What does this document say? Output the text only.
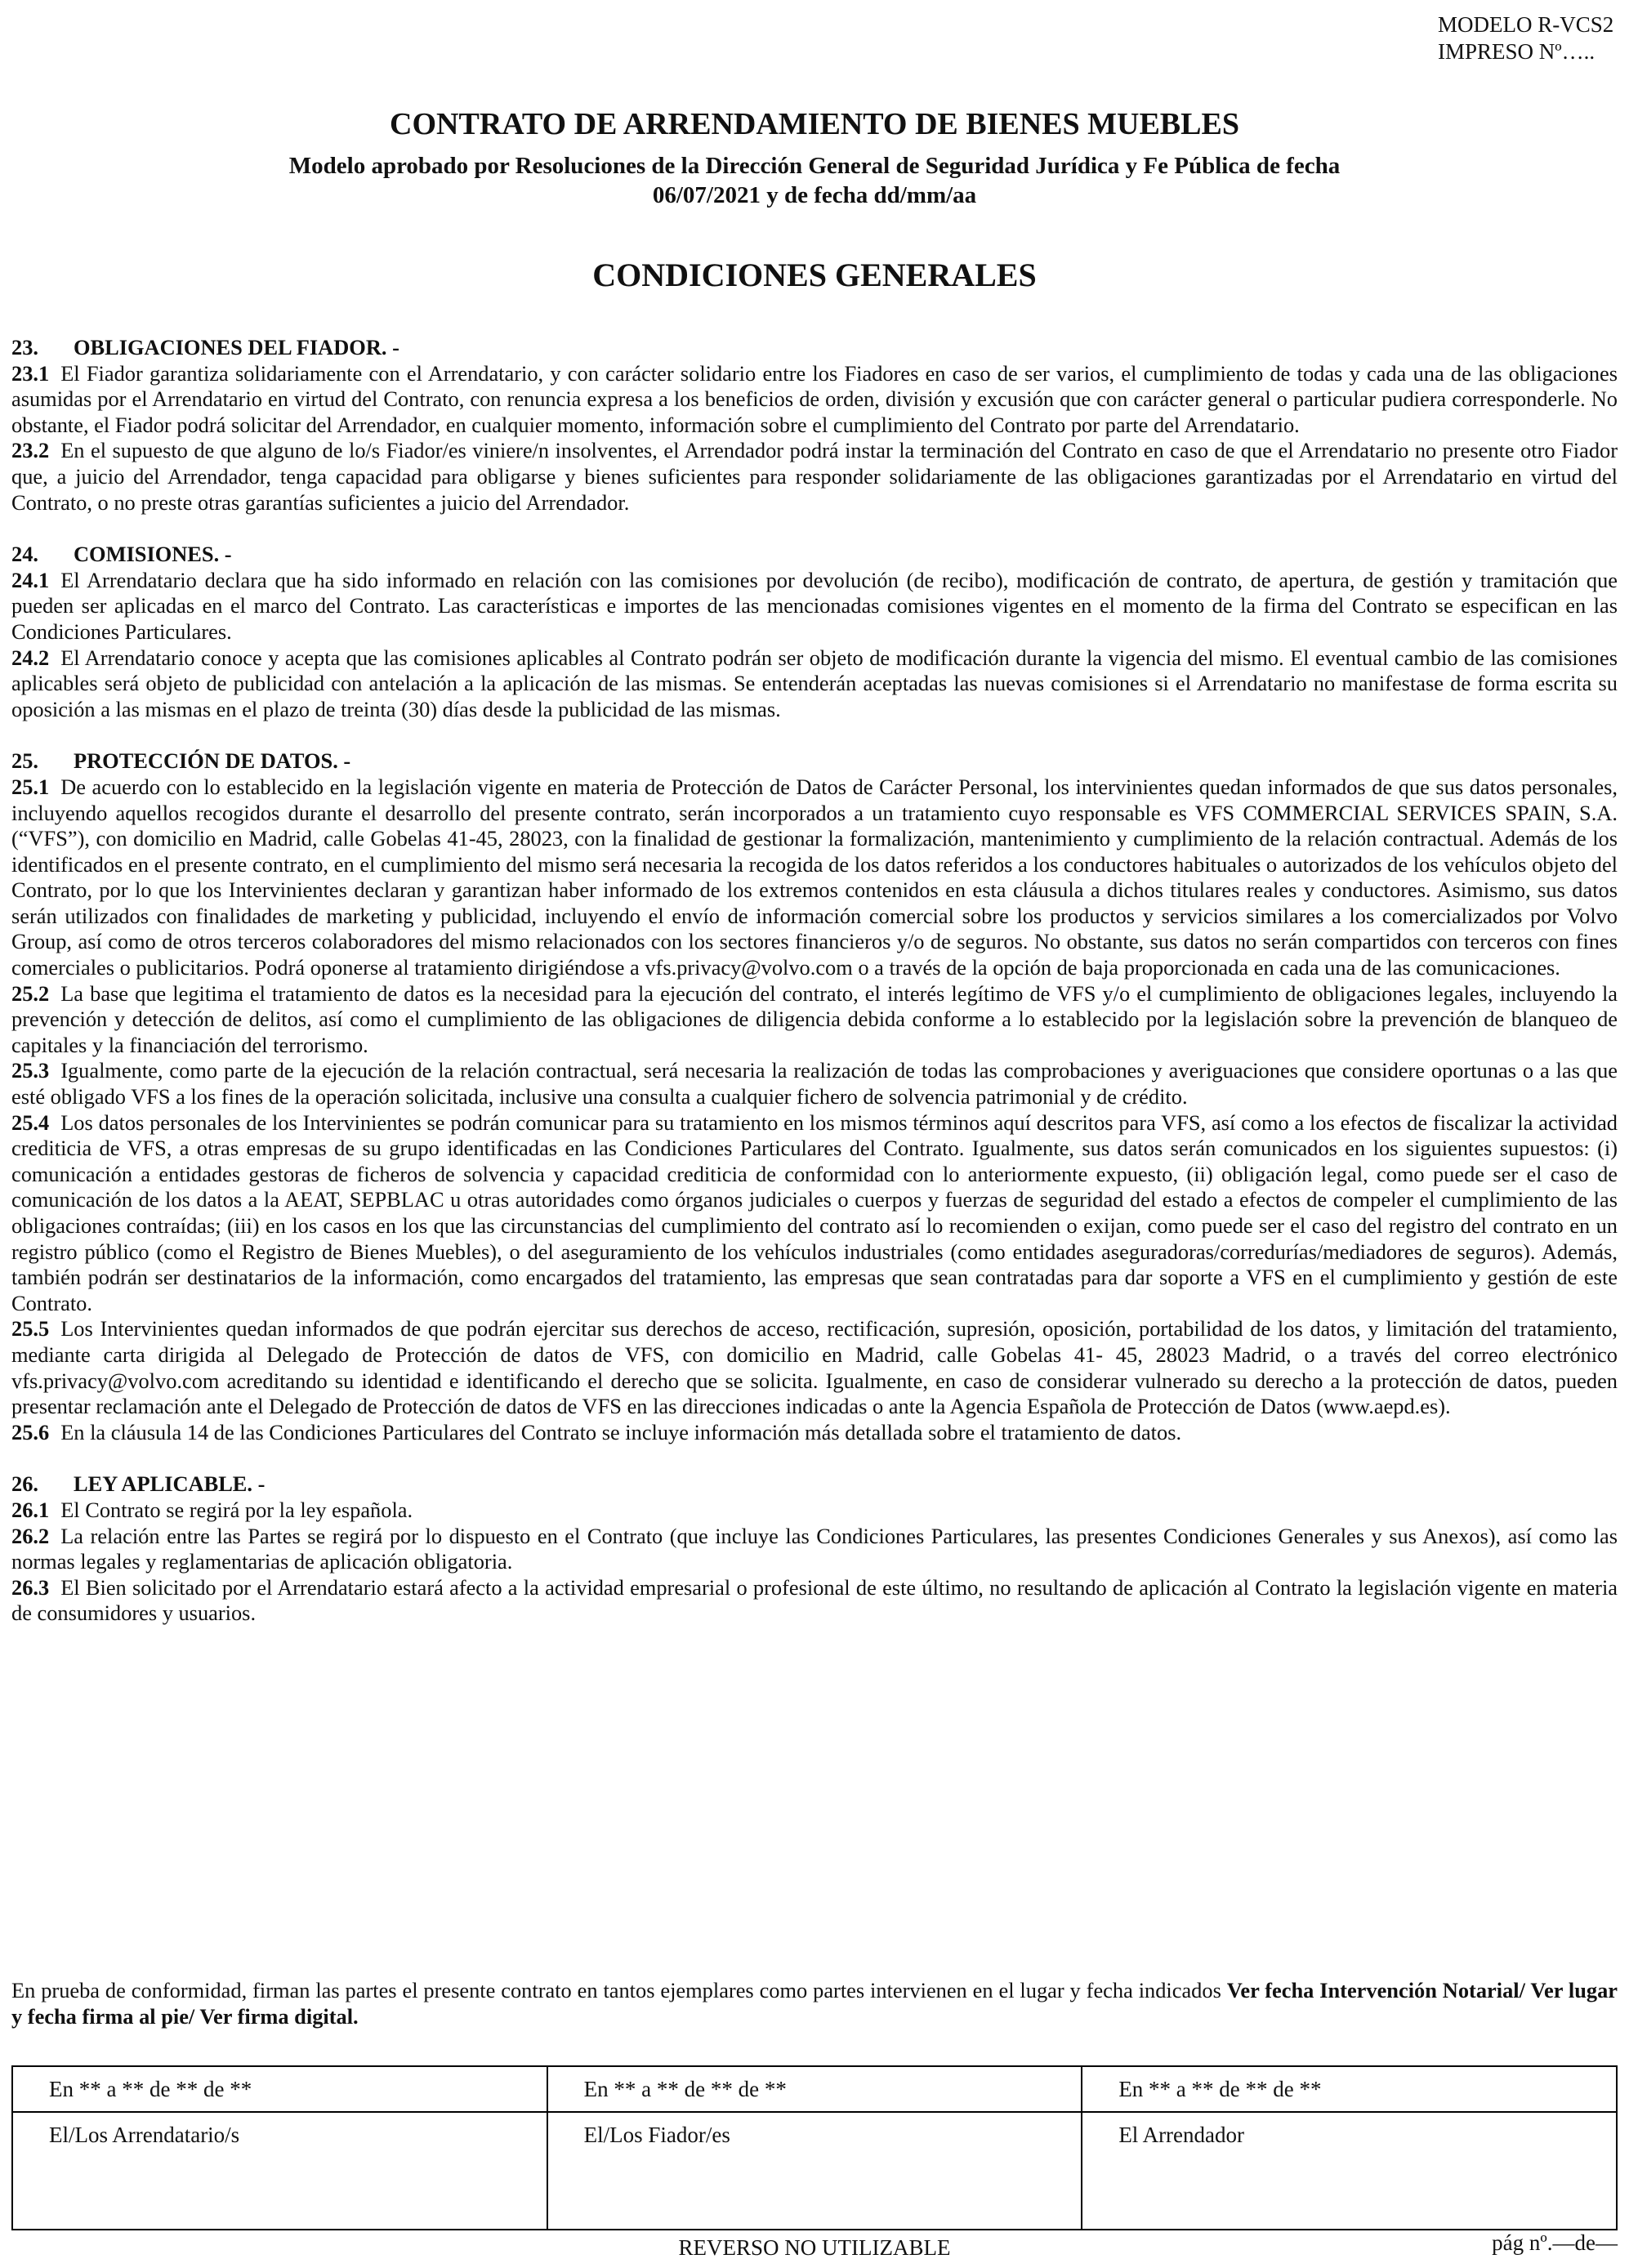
MODELO R-VCS2
IMPRESO Nº…..
CONTRATO DE ARRENDAMIENTO DE BIENES MUEBLES
Modelo aprobado por Resoluciones de la Dirección General de Seguridad Jurídica y Fe Pública de fecha
06/07/2021 y de fecha dd/mm/aa
CONDICIONES GENERALES

23. OBLIGACIONES DEL FIADOR. -

23.1 El Fiador garantiza solidariamente con el Arrendatario, y con carácter solidario entre los Fiadores en caso de ser varios, el cumplimiento de todas y cada una de las obligaciones asumidas por el Arrendatario en virtud del Contrato, con renuncia expresa a los beneficios de orden, división y excusión que con carácter general o particular pudiera corresponderle. No obstante, el Fiador podrá solicitar del Arrendador, en cualquier momento, información sobre el cumplimiento del Contrato por parte del Arrendatario.

23.2 En el supuesto de que alguno de lo/s Fiador/es viniere/n insolventes, el Arrendador podrá instar la terminación del Contrato en caso de que el Arrendatario no presente otro Fiador que, a juicio del Arrendador, tenga capacidad para obligarse y bienes suficientes para responder solidariamente de las obligaciones garantizadas por el Arrendatario en virtud del Contrato, o no preste otras garantías suficientes a juicio del Arrendador.

24. COMISIONES. -

24.1 El Arrendatario declara que ha sido informado en relación con las comisiones por devolución (de recibo), modificación de contrato, de apertura, de gestión y tramitación que pueden ser aplicadas en el marco del Contrato. Las características e importes de las mencionadas comisiones vigentes en el momento de la firma del Contrato se especifican en las Condiciones Particulares.

24.2 El Arrendatario conoce y acepta que las comisiones aplicables al Contrato podrán ser objeto de modificación durante la vigencia del mismo. El eventual cambio de las comisiones aplicables será objeto de publicidad con antelación a la aplicación de las mismas. Se entenderán aceptadas las nuevas comisiones si el Arrendatario no manifestase de forma escrita su oposición a las mismas en el plazo de treinta (30) días desde la publicidad de las mismas.

25. PROTECCIÓN DE DATOS. -

25.1 De acuerdo con lo establecido en la legislación vigente en materia de Protección de Datos de Carácter Personal, los intervinientes quedan informados de que sus datos personales, incluyendo aquellos recogidos durante el desarrollo del presente contrato, serán incorporados a un tratamiento cuyo responsable es VFS COMMERCIAL SERVICES SPAIN, S.A. (“VFS”), con domicilio en Madrid, calle Gobelas 41-45, 28023, con la finalidad de gestionar la formalización, mantenimiento y cumplimiento de la relación contractual. Además de los identificados en el presente contrato, en el cumplimiento del mismo será necesaria la recogida de los datos referidos a los conductores habituales o autorizados de los vehículos objeto del Contrato, por lo que los Intervinientes declaran y garantizan haber informado de los extremos contenidos en esta cláusula a dichos titulares reales y conductores. Asimismo, sus datos serán utilizados con finalidades de marketing y publicidad, incluyendo el envío de información comercial sobre los productos y servicios similares a los comercializados por Volvo Group, así como de otros terceros colaboradores del mismo relacionados con los sectores financieros y/o de seguros. No obstante, sus datos no serán compartidos con terceros con fines comerciales o publicitarios. Podrá oponerse al tratamiento dirigiéndose a vfs.privacy@volvo.com o a través de la opción de baja proporcionada en cada una de las comunicaciones.

25.2 La base que legitima el tratamiento de datos es la necesidad para la ejecución del contrato, el interés legítimo de VFS y/o el cumplimiento de obligaciones legales, incluyendo la prevención y detección de delitos, así como el cumplimiento de las obligaciones de diligencia debida conforme a lo establecido por la legislación sobre la prevención de blanqueo de capitales y la financiación del terrorismo.

25.3 Igualmente, como parte de la ejecución de la relación contractual, será necesaria la realización de todas las comprobaciones y averiguaciones que considere oportunas o a las que esté obligado VFS a los fines de la operación solicitada, inclusive una consulta a cualquier fichero de solvencia patrimonial y de crédito.

25.4 Los datos personales de los Intervinientes se podrán comunicar para su tratamiento en los mismos términos aquí descritos para VFS, así como a los efectos de fiscalizar la actividad crediticia de VFS, a otras empresas de su grupo identificadas en las Condiciones Particulares del Contrato. Igualmente, sus datos serán comunicados en los siguientes supuestos: (i) comunicación a entidades gestoras de ficheros de solvencia y capacidad crediticia de conformidad con lo anteriormente expuesto, (ii) obligación legal, como puede ser el caso de comunicación de los datos a la AEAT, SEPBLAC u otras autoridades como órganos judiciales o cuerpos y fuerzas de seguridad del estado a efectos de compeler el cumplimiento de las obligaciones contraídas; (iii) en los casos en los que las circunstancias del cumplimiento del contrato así lo recomienden o exijan, como puede ser el caso del registro del contrato en un registro público (como el Registro de Bienes Muebles), o del aseguramiento de los vehículos industriales (como entidades aseguradoras/corredurías/mediadores de seguros). Además, también podrán ser destinatarios de la información, como encargados del tratamiento, las empresas que sean contratadas para dar soporte a VFS en el cumplimiento y gestión de este Contrato.

25.5 Los Intervinientes quedan informados de que podrán ejercitar sus derechos de acceso, rectificación, supresión, oposición, portabilidad de los datos, y limitación del tratamiento, mediante carta dirigida al Delegado de Protección de datos de VFS, con domicilio en Madrid, calle Gobelas 41- 45, 28023 Madrid, o a través del correo electrónico vfs.privacy@volvo.com acreditando su identidad e identificando el derecho que se solicita. Igualmente, en caso de considerar vulnerado su derecho a la protección de datos, pueden presentar reclamación ante el Delegado de Protección de datos de VFS en las direcciones indicadas o ante la Agencia Española de Protección de Datos (www.aepd.es).

25.6 En la cláusula 14 de las Condiciones Particulares del Contrato se incluye información más detallada sobre el tratamiento de datos.

26. LEY APLICABLE. -

26.1 El Contrato se regirá por la ley española.

26.2 La relación entre las Partes se regirá por lo dispuesto en el Contrato (que incluye las Condiciones Particulares, las presentes Condiciones Generales y sus Anexos), así como las normas legales y reglamentarias de aplicación obligatoria.

26.3 El Bien solicitado por el Arrendatario estará afecto a la actividad empresarial o profesional de este último, no resultando de aplicación al Contrato la legislación vigente en materia de consumidores y usuarios.

En prueba de conformidad, firman las partes el presente contrato en tantos ejemplares como partes intervienen en el lugar y fecha indicados Ver fecha Intervención Notarial/ Ver lugar y fecha firma al pie/ Ver firma digital.
En ** a ** de ** de **	En ** a ** de ** de **	En ** a ** de ** de **
El/Los Arrendatario/s	El/Los Fiador/es	El Arrendador
REVERSO NO UTILIZABLE	pág nº.—de—
